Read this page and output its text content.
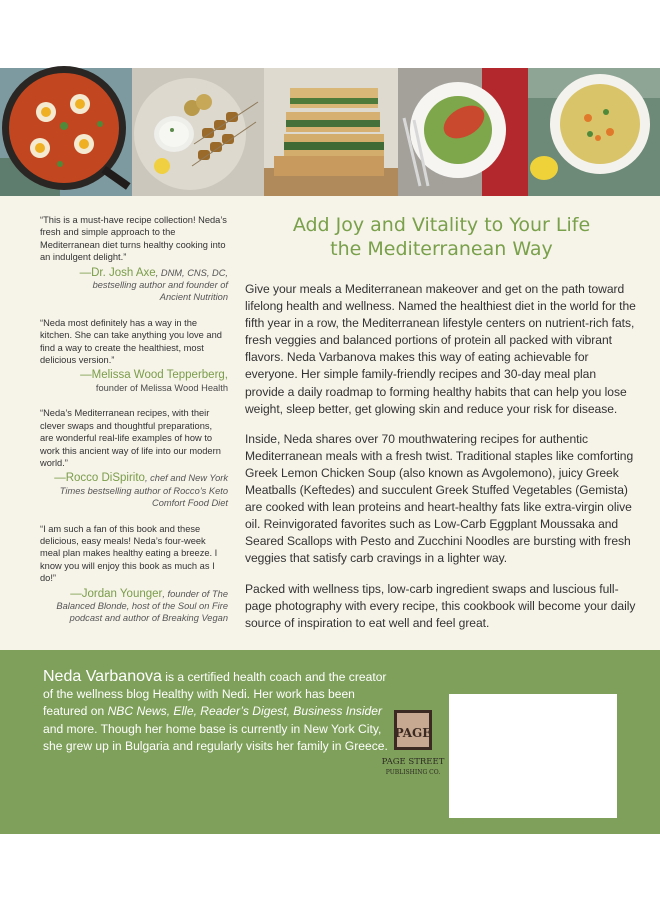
“This is a must-have recipe collection! Neda’s fresh and simple approach to the Mediterranean diet turns healthy cooking into an indulgent delight.”
—Dr. Josh Axe, DNM, CNS, DC,
bestselling author and founder of
Ancient Nutrition
“Neda most definitely has a way in the kitchen. She can take anything you love and find a way to create the healthiest, most delicious version.”
—Melissa Wood Tepperberg,
founder of Melissa Wood Health
“Neda’s Mediterranean recipes, with their clever swaps and thoughtful preparations, are wonderful real-life examples of how to work this ancient way of life into our modern world.”
—Rocco DiSpirito, chef and New York
Times bestselling author of Rocco’s Keto
Comfort Food Diet
“I am such a fan of this book and these delicious, easy meals! Neda’s four-week meal plan makes healthy eating a breeze. I know you will enjoy this book as much as I do!”
—Jordan Younger, founder of The
Balanced Blonde, host of the Soul on Fire
podcast and author of Breaking Vegan
Add Joy and Vitality to Your Life
the Mediterranean Way

Give your meals a Mediterranean makeover and get on the path toward lifelong health and wellness. Named the healthiest diet in the world for the fifth year in a row, the Mediterranean lifestyle centers on nutrient-rich fats, fresh veggies and balanced portions of protein all packed with vibrant flavors. Neda Varbanova makes this way of eating achievable for everyone. Her simple family-friendly recipes and 30-day meal plan provide a daily roadmap to forming healthy habits that can help you lose weight, sleep better, get glowing skin and reduce your risk for disease.

Inside, Neda shares over 70 mouthwatering recipes for authentic Mediterranean meals with a fresh twist. Traditional staples like comforting Greek Lemon Chicken Soup (also known as Avgolemono), juicy Greek Meatballs (Keftedes) and succulent Greek Stuffed Vegetables (Gemista) are cooked with lean proteins and heart-healthy fats like extra-virgin olive oil. Reinvigorated favorites such as Low-Carb Eggplant Moussaka and Seared Scallops with Pesto and Zucchini Noodles are bursting with fresh veggies that satisfy carb cravings in a lighter way.

Packed with wellness tips, low-carb ingredient swaps and luscious full-page photography with every recipe, this cookbook will become your daily source of inspiration to eat well and feel great.

Neda Varbanova is a certified health coach and the creator of the wellness blog Healthy with Nedi. Her work has been featured on NBC News, Elle, Reader’s Digest, Business Insider and more. Though her home base is currently in New York City, she grew up in Bulgaria and regularly visits her family in Greece.
PAGE
PAGE STREET
PUBLISHING CO.
